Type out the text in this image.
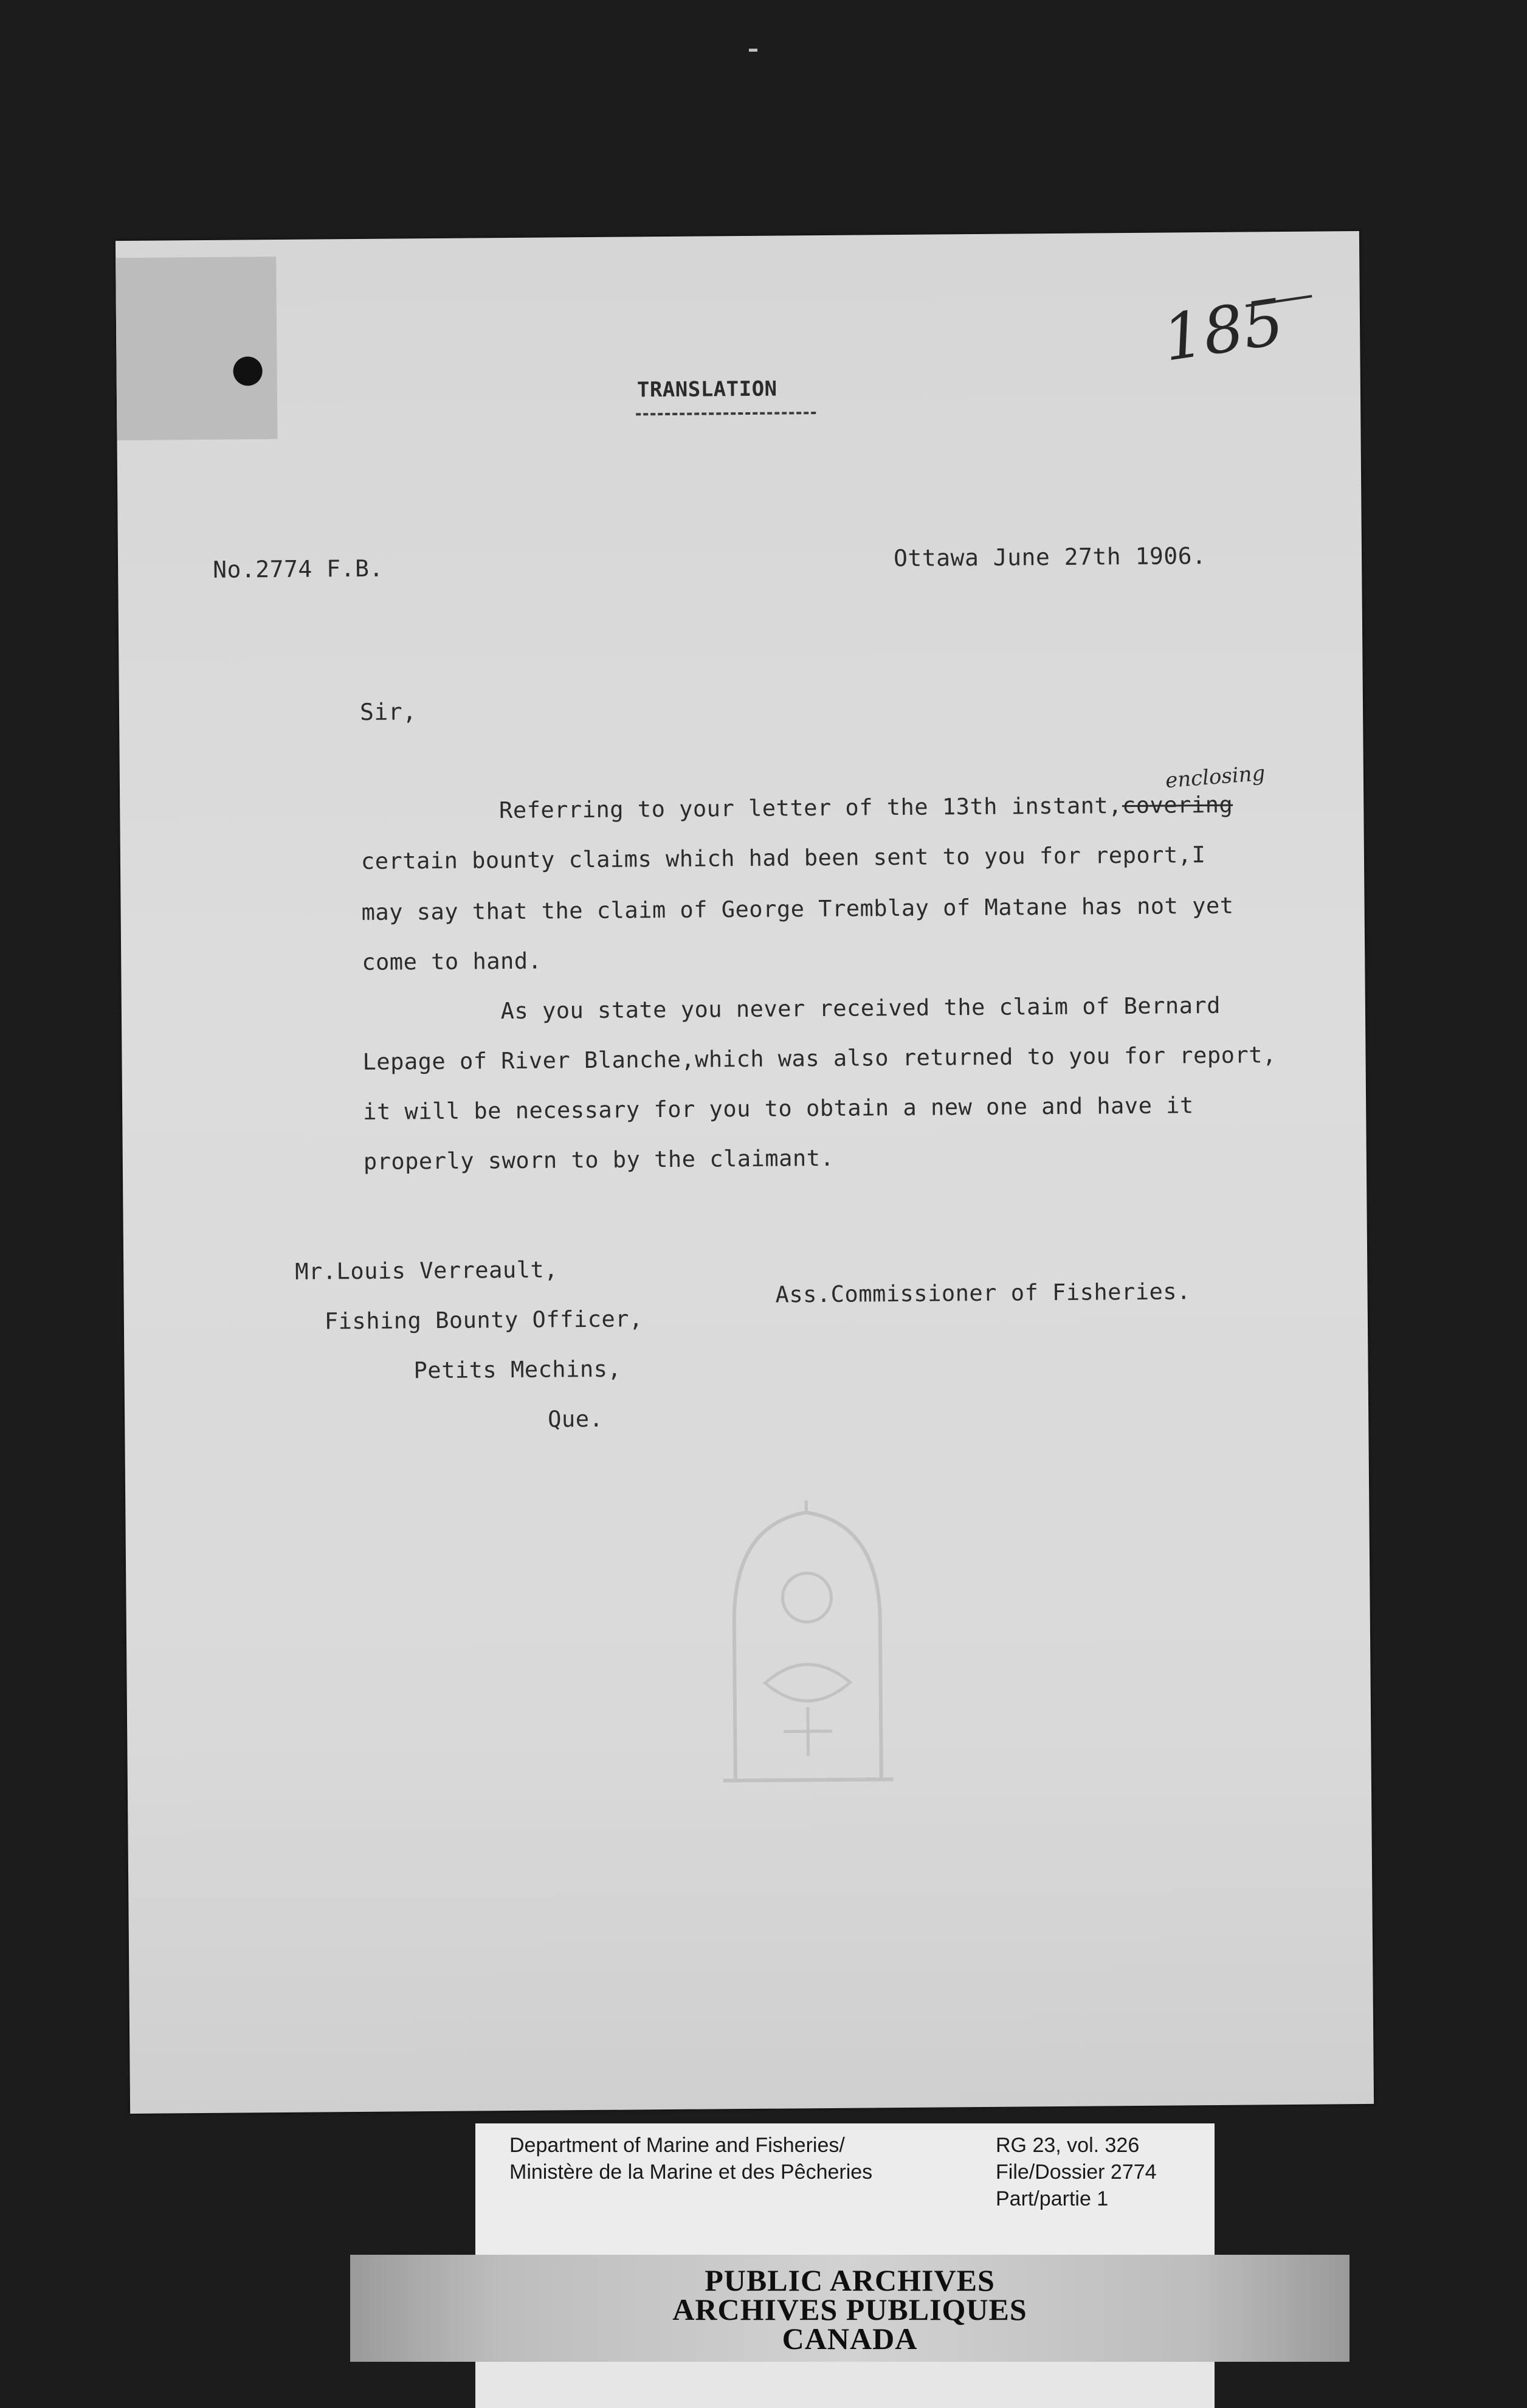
185
TRANSLATION
No.2774 F.B.	Ottawa June 27th 1906.
Sir,
enclosing
Referring to your letter of the 13th instant,covering
certain bounty claims which had been sent to you for report,I
may say that the claim of George Tremblay of Matane has not yet
come to hand.
As you state you never received the claim of Bernard
Lepage of River Blanche,which was also returned to you for report,
it will be necessary for you to obtain a new one and have it
properly sworn to by the claimant.
ﾠ
Ass.Commissioner of Fisheries.
Mr.Louis Verreault,
Fishing Bounty Officer,
Petits Mechins,
Que.
Department of Marine and Fisheries/
Ministère de la Marine et des Pêcheries
RG 23, vol. 326
File/Dossier 2774
Part/partie 1
PUBLIC ARCHIVES
ARCHIVES PUBLIQUES
CANADA
